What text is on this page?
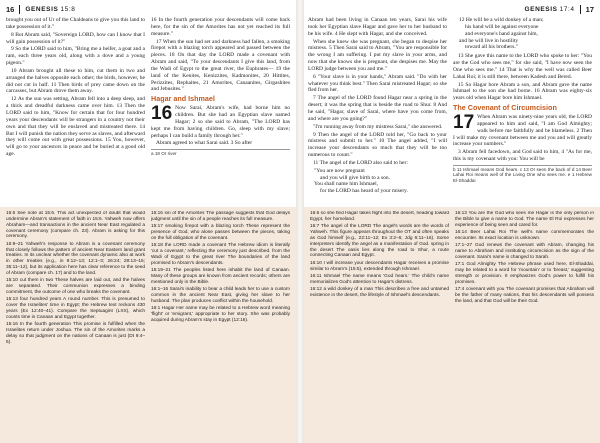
16 GENESIS 15:8

brought you out of Ur of the Chaldeans to give you this land to take possession of it."

8 But Abram said, "Sovereign LORD, how can I know that I will gain possession of it?"

9 So the LORD said to him, "Bring me a heifer, a goat and a ram, each three years old, along with a dove and a young pigeon."

10 Abram brought all these to him, cut them in two and arranged the halves opposite each other; the birds, however, he did not cut in half. 11 Then birds of prey came down on the carcasses, but Abram drove them away.

12 As the sun was setting, Abram fell into a deep sleep, and a thick and dreadful darkness came over him. 13 Then the LORD said to him, "Know for certain that for four hundred years your descendants will be strangers in a country not their own and that they will be enslaved and mistreated there. 14 But I will punish the nation they serve as slaves, and afterward they will come out with great possessions. 15 You, however, will go to your ancestors in peace and be buried at a good old age.

16 In the fourth generation your descendants will come back here, for the sin of the Amorites has not yet reached its full measure."

17 When the sun had set and darkness had fallen, a smoking firepot with a blazing torch appeared and passed between the pieces. 18 On that day the LORD made a covenant with Abram and said, "To your descendants I give this land, from the Wadi of Egypt to the great river, the Euphrates— 19 the land of the Kenites, Kenizzites, Kadmonites, 20 Hittites, Perizzites, Rephaites, 21 Amorites, Canaanites, Girgashites and Jebusites."

Hagar and Ishmael
16 Now Sarai, Abram's wife, had borne him no children. But she had an Egyptian slave named Hagar; 2 so she said to Abram, "The LORD has kept me from having children. Go, sleep with my slave; perhaps I can build a family through her."

Abram agreed to what Sarai said. 3 So after

a 18 Or river

15:6 See note at 15:6. This act unexpected of doubt that would undermine Abram's statement of faith in 15:6. Yahweh now offers Abraham—and transactions in the ancient Near East regulated a covenant ceremony (compare ch. 23). Abram is asking for this ceremony.

15:9–21 Yahweh's response to Abram is a covenant ceremony that closely follows the pattern of ancient Near Eastern land grant treaties. In its unclear whether the covenant dynamic also at work in other treaties (e.g., in 9:12–13; 12:1–3; 26:24; 28:13–15; 35:11–12), but its application here has clear reference to the seed of Abram (compare ch. 17) and to the land.

15:10 cut them in two These halves are laid out, and the halves are separated. Their communion expresses a binding commitment, the outcome of one who breaks the covenant.

15:13 four hundred years A round number. This is presumed to cover the Israelites' time in Egypt; the Hebrew text reckons 430 years (Ex 12:40–41). Compare the Septuagint (LXX), which counts time in Canaan and Egypt together.

15:16 In the fourth generation This promise is fulfilled when the Israelites return under Joshua. The sin of the Amorites marks a delay so that judgment on the nations of Canaan is just (Dt 9:4–5).

15:16 sin of the Amorites The passage suggests that God delays judgment until the sin of a people reaches its full measure.

15:17 smoking firepot with a blazing torch These represent the presence of God, who alone passes between the pieces, taking on the full obligation of the covenant.

15:18 the LORD made a covenant The Hebrew idiom is literally 'cut a covenant,' reflecting the ceremony just described. from the Wadi of Egypt to the great river The boundaries of the land promised to Abram's descendants.

15:19–21 The peoples listed here inhabit the land of Canaan. Many of these groups are known from ancient records; others are mentioned only in the Bible.

16:1–16 Sarai's inability to bear a child leads her to use a custom common in the ancient Near East, giving her slave to her husband. The plan produces conflict within the household.

16:1 Hagar Her name may be related to a Hebrew word meaning 'flight' or 'emigrant,' appropriate to her story. She was probably acquired during Abram's stay in Egypt (12:16).

GENESIS 17:4 17

Abram had been living in Canaan ten years, Sarai his wife took her Egyptian slave Hagar and gave her to her husband to be his wife. 4 He slept with Hagar, and she conceived.

When she knew she was pregnant, she began to despise her mistress. 5 Then Sarai said to Abram, "You are responsible for the wrong I am suffering. I put my slave in your arms, and now that she knows she is pregnant, she despises me. May the LORD judge between you and me."

6 "Your slave is in your hands," Abram said. "Do with her whatever you think best." Then Sarai mistreated Hagar; so she fled from her.

7 The angel of the LORD found Hagar near a spring in the desert; it was the spring that is beside the road to Shur. 8 And he said, "Hagar, slave of Sarai, where have you come from, and where are you going?"

"I'm running away from my mistress Sarai," she answered.

9 Then the angel of the LORD told her, "Go back to your mistress and submit to her." 10 The angel added, "I will increase your descendants so much that they will be too numerous to count."

11 The angel of the LORD also said to her:

"You are now pregnant
and you will give birth to a son.
You shall name him Ishmael,
for the LORD has heard of your misery.
12 He will be a wild donkey of a man;
his hand will be against everyone
and everyone's hand against him,
and he will live in hostility
toward all his brothers."

13 She gave this name to the LORD who spoke to her: "You are the God who sees me," for she said, "I have now seen the One who sees me." 14 That is why the well was called Beer Lahai Roi; it is still there, between Kadesh and Bered.

15 So Hagar bore Abram a son, and Abram gave the name Ishmael to the son she had borne. 16 Abram was eighty-six years old when Hagar bore him Ishmael.

The Covenant of Circumcision
17 When Abram was ninety-nine years old, the LORD appeared to him and said, "I am God Almighty; walk before me faithfully and be blameless. 2 Then I will make my covenant between me and you and will greatly increase your numbers."

3 Abram fell facedown, and God said to him, 4 "As for me, this is my covenant with you: You will be

b 11 Ishmael means God hears. c 13 Or seen the back of d 14 Beer Lahai Roi means well of the Living One who sees me. e 1 Hebrew El-Shaddai

16:6 so she fled Hagar takes flight into the desert, heading toward Egypt, her homeland.

16:7 The angel of the LORD The angel's words are the words of Yahweh. This figure appears throughout the OT and often speaks as God himself (e.g., 22:11–12; Ex 3:2–6; Jdg 6:11–16). Some interpreters identify the angel as a manifestation of God. spring in the desert The oasis lies along the road to Shur, a route connecting Canaan and Egypt.

16:10 I will increase your descendants Hagar receives a promise similar to Abram's (15:5), extended through Ishmael.

16:11 Ishmael The name means 'God hears.' The child's name memorializes God's attention to Hagar's distress.

16:12 a wild donkey of a man This describes a free and untamed existence in the desert, the lifestyle of Ishmael's descendants.

16:13 You are the God who sees me Hagar is the only person in the Bible to give a name to God. The name El Roi expresses her experience of being seen and cared for.

16:14 Beer Lahai Roi The well's name commemorates the encounter. Its exact location is unknown.

17:1–27 God renews the covenant with Abram, changing his name to Abraham and instituting circumcision as the sign of the covenant. Sarai's name is changed to Sarah.

17:1 God Almighty The Hebrew phrase used here, El-Shaddai, may be related to a word for 'mountain' or to 'breast,' suggesting strength or provision. It emphasizes God's power to fulfill his promises.

17:4 covenant with you The covenant promises that Abraham will be the father of many nations, that his descendants will possess the land, and that God will be their God.
